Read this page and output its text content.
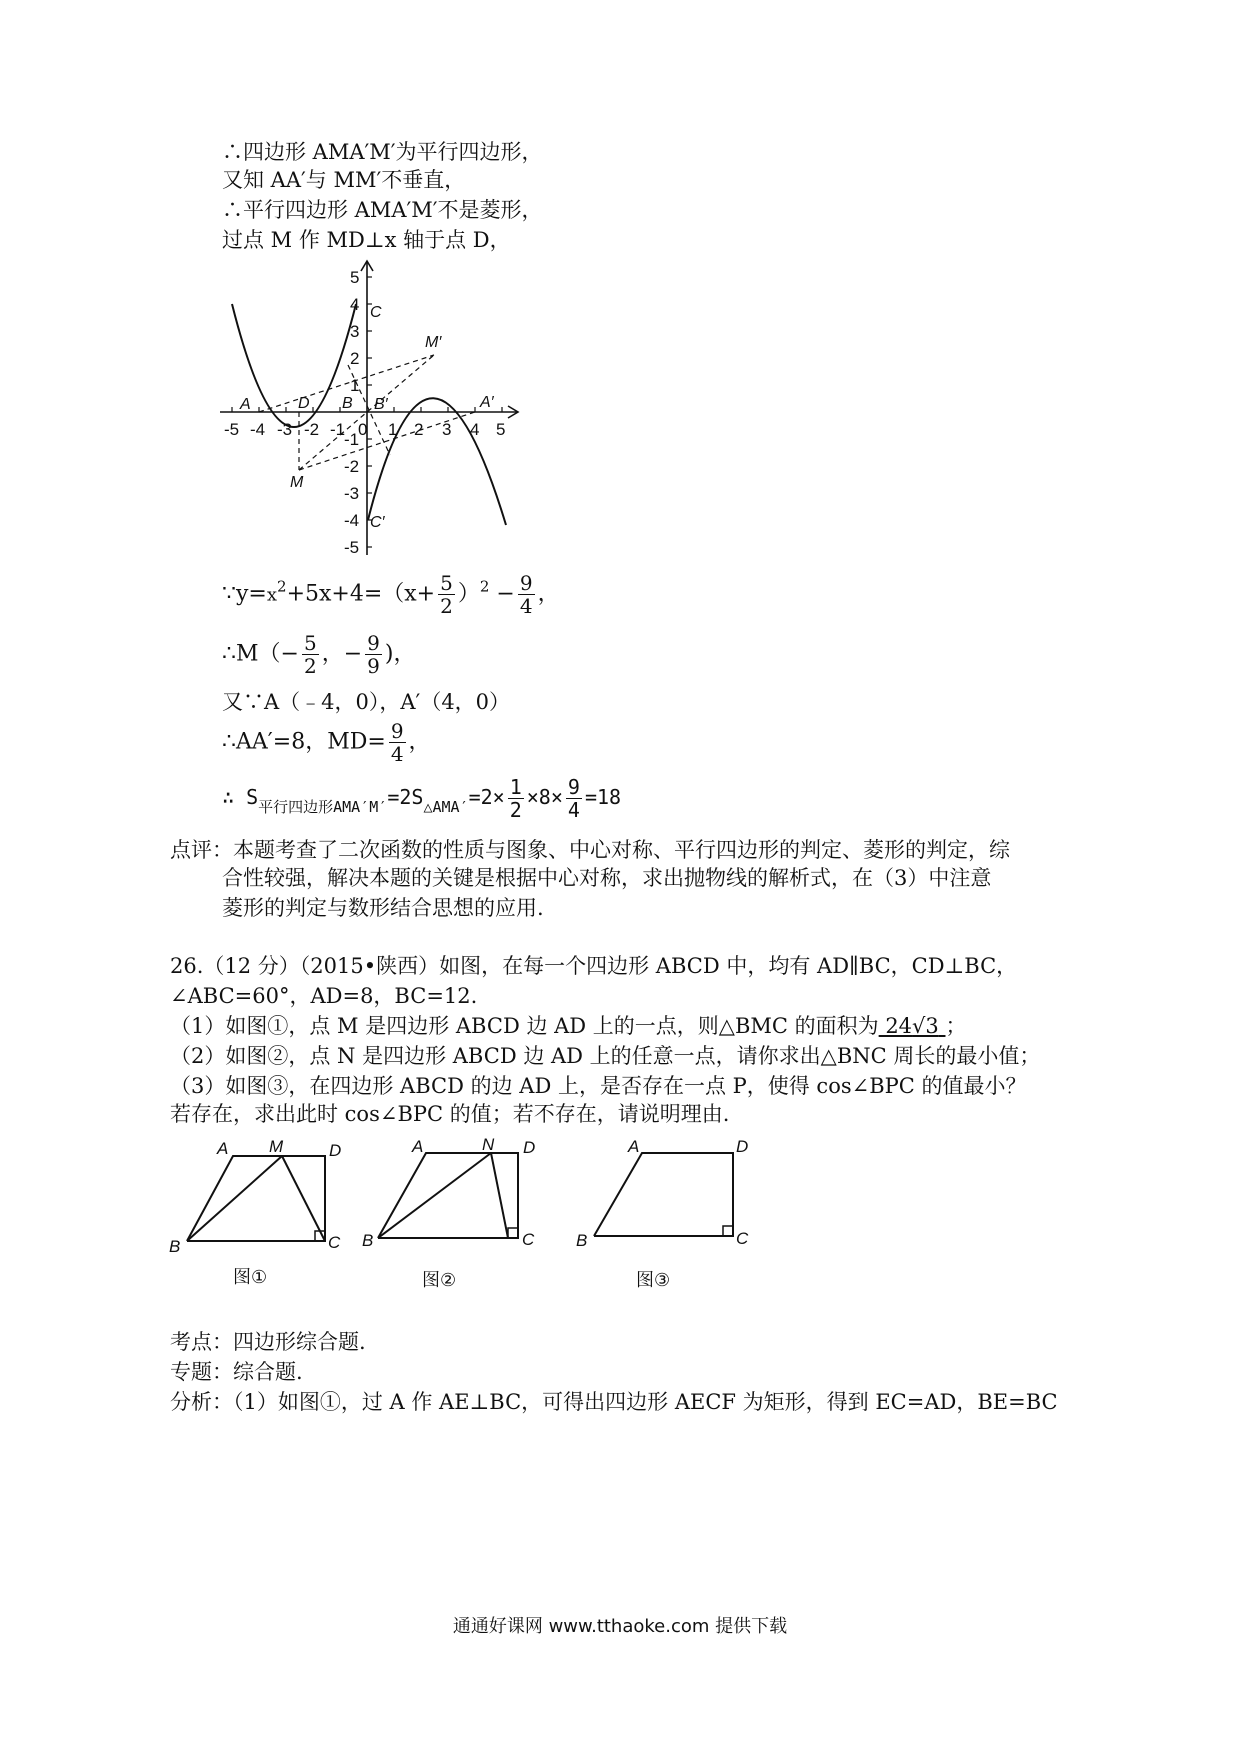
∴四边形 AMA′M′为平行四边形，
又知 AA′与 MM′不垂直，
∴平行四边形 AMA′M′不是菱形，
过点 M 作 MD⊥x 轴于点 D，
-5 -4 -3 -2 -1 0 1 2 3 4 5
5
4
3
2
1
-1
-2
-3
-4
-5
A	D B B′	A′
M
M′
C
C′
$\because y=x^2+5x+4=(x+ \frac{5}{2} )^2 - \frac{9}{4}$ ，
∴M（− $\frac{5}{2}$ ，− $\frac{9}{9}$ )，
又∵A（﹣4，0），A′（4，0）
∴AA′=8，$MD= \frac{9}{4}$ ，
∴ $S_{平行四边形AMA'M'}=2S_{\triangle AMA'}=2\times \frac{1}{2} \times 8\times \frac{9}{4} =18$
点评：本题考查了二次函数的性质与图象、中心对称、平行四边形的判定、菱形的判定，综
合性较强，解决本题的关键是根据中心对称，求出抛物线的解析式，在（3）中注意
菱形的判定与数形结合思想的应用.
26.（12 分）（2015•陕西）如图，在每一个四边形 ABCD 中，均有 AD∥BC，CD⊥BC，
∠ABC=60°，AD=8，BC=12.
（1）如图①，点 M 是四边形 ABCD 边 AD 上的一点，则△BMC 的面积为 24√3 ；
（2）如图②，点 N 是四边形 ABCD 边 AD 上的任意一点，请你求出△BNC 周长的最小值；
（3）如图③，在四边形 ABCD 的边 AD 上，是否存在一点 P，使得 cos∠BPC 的值最小？
若存在，求出此时 cos∠BPC 的值；若不存在，请说明理由.
A M	D
B	C
图①
A	N D
B	C
图②
A	D
B	C
图③
考点：四边形综合题.
专题：综合题.
分析：（1）如图①，过 A 作 AE⊥BC，可得出四边形 AECF 为矩形，得到 EC=AD，BE=BC
通通好课网 www.tthaoke.com 提供下载
